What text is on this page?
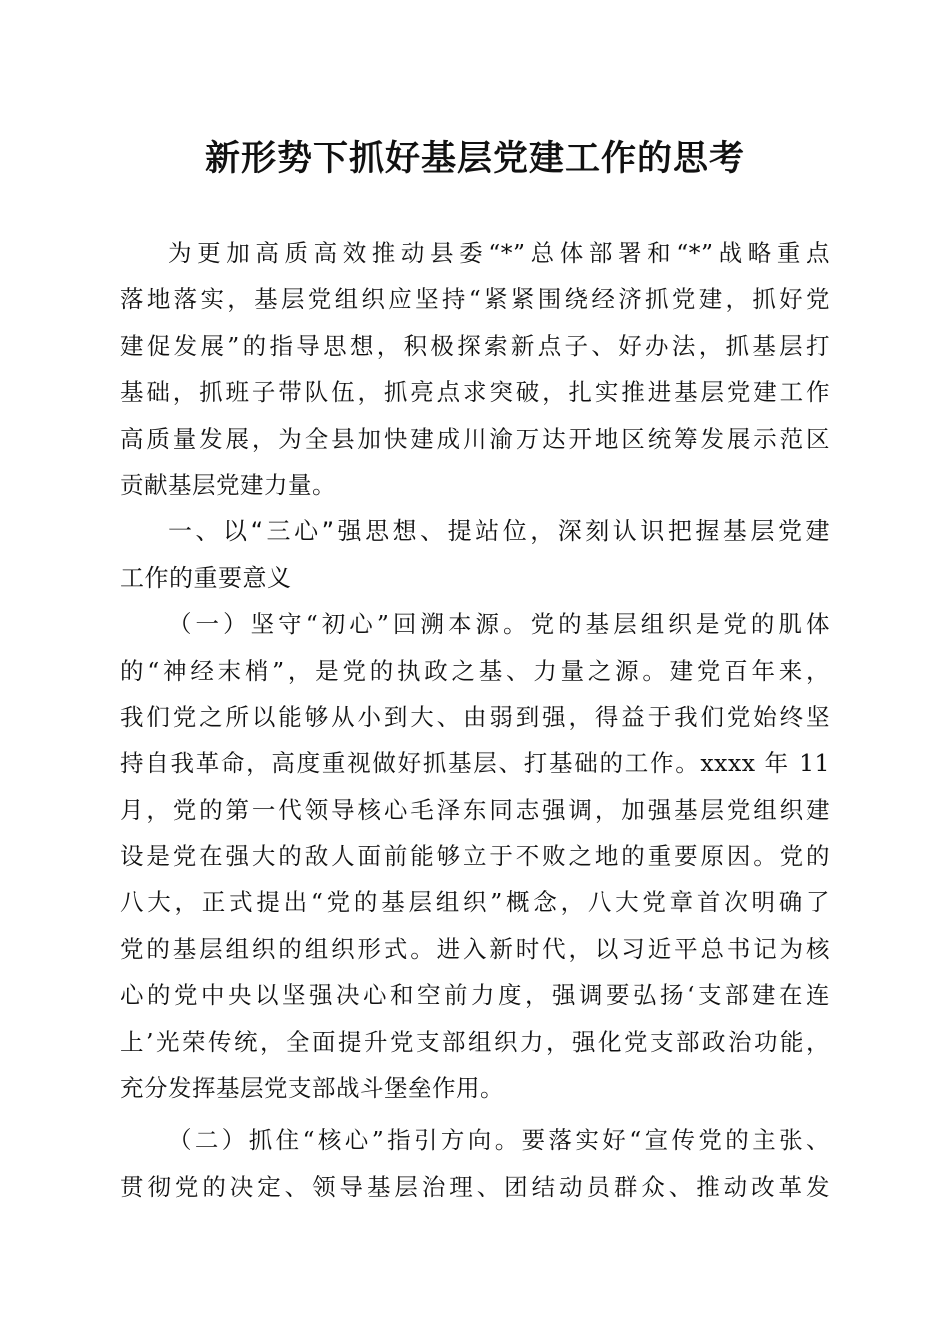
新形势下抓好基层党建工作的思考
为更加高质高效推动县委“*”总体部署和“*”战略重点
落地落实，基层党组织应坚持“紧紧围绕经济抓党建，抓好党
建促发展”的指导思想，积极探索新点子、好办法，抓基层打
基础，抓班子带队伍，抓亮点求突破，扎实推进基层党建工作
高质量发展，为全县加快建成川渝万达开地区统筹发展示范区
贡献基层党建力量。
一、以“三心”强思想、提站位，深刻认识把握基层党建
工作的重要意义
（一）坚守“初心”回溯本源。党的基层组织是党的肌体
的“神经末梢”，是党的执政之基、力量之源。建党百年来，
我们党之所以能够从小到大、由弱到强，得益于我们党始终坚
持自我革命，高度重视做好抓基层、打基础的工作。xxxx 年 11
月，党的第一代领导核心毛泽东同志强调，加强基层党组织建
设是党在强大的敌人面前能够立于不败之地的重要原因。党的
八大，正式提出“党的基层组织”概念，八大党章首次明确了
党的基层组织的组织形式。进入新时代，以习近平总书记为核
心的党中央以坚强决心和空前力度，强调要弘扬‘支部建在连
上’光荣传统，全面提升党支部组织力，强化党支部政治功能，
充分发挥基层党支部战斗堡垒作用。
（二）抓住“核心”指引方向。要落实好“宣传党的主张、
贯彻党的决定、领导基层治理、团结动员群众、推动改革发
